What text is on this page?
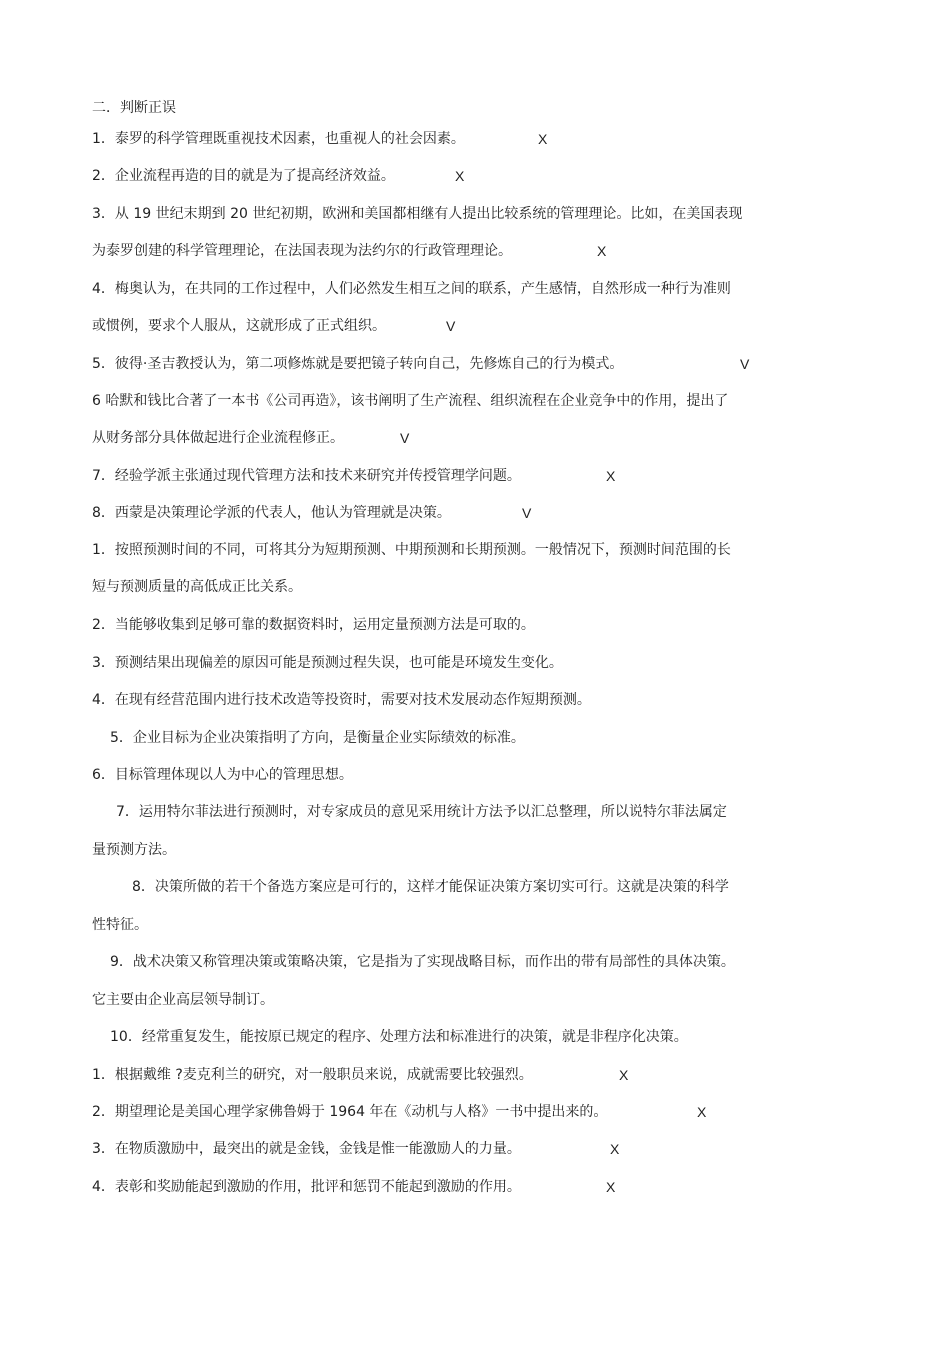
二．判断正误
1．泰罗的科学管理既重视技术因素，也重视人的社会因素。	X
2．企业流程再造的目的就是为了提高经济效益。	X
3．从 19 世纪末期到 20 世纪初期，欧洲和美国都相继有人提出比较系统的管理理论。比如，在美国表现
为泰罗创建的科学管理理论，在法国表现为法约尔的行政管理理论。	X
4．梅奥认为，在共同的工作过程中，人们必然发生相互之间的联系，产生感情，自然形成一种行为准则
或惯例，要求个人服从，这就形成了正式组织。	V
5．彼得·圣吉教授认为，第二项修炼就是要把镜子转向自己，先修炼自己的行为模式。	V
6 哈默和钱比合著了一本书《公司再造》，该书阐明了生产流程、组织流程在企业竞争中的作用，提出了
从财务部分具体做起进行企业流程修正。	V
7．经验学派主张通过现代管理方法和技术来研究并传授管理学问题。	X
8．西蒙是决策理论学派的代表人，他认为管理就是决策。	V
1．按照预测时间的不同，可将其分为短期预测、中期预测和长期预测。一般情况下，预测时间范围的长
短与预测质量的高低成正比关系。
2．当能够收集到足够可靠的数据资料时，运用定量预测方法是可取的。
3．预测结果出现偏差的原因可能是预测过程失误，也可能是环境发生变化。
4．在现有经营范围内进行技术改造等投资时，需要对技术发展动态作短期预测。
5．企业目标为企业决策指明了方向，是衡量企业实际绩效的标准。
6．目标管理体现以人为中心的管理思想。
7．运用特尔菲法进行预测时，对专家成员的意见采用统计方法予以汇总整理，所以说特尔菲法属定
量预测方法。
8．决策所做的若干个备选方案应是可行的，这样才能保证决策方案切实可行。这就是决策的科学
性特征。
9．战术决策又称管理决策或策略决策，它是指为了实现战略目标，而作出的带有局部性的具体决策。
它主要由企业高层领导制订。
10．经常重复发生，能按原已规定的程序、处理方法和标准进行的决策，就是非程序化决策。
1．根据戴维 ?麦克利兰的研究，对一般职员来说，成就需要比较强烈。	X
2．期望理论是美国心理学家佛鲁姆于 1964 年在《动机与人格》一书中提出来的。	X
3．在物质激励中，最突出的就是金钱，金钱是惟一能激励人的力量。	X
4．表彰和奖励能起到激励的作用，批评和惩罚不能起到激励的作用。	X
